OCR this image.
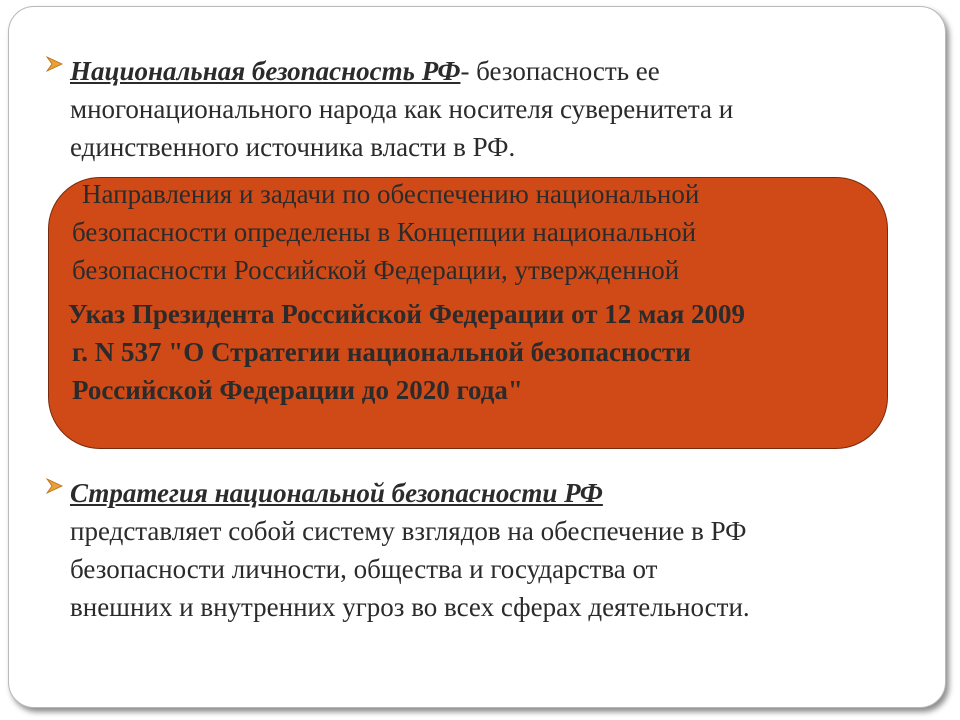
Национальная безопасность РФ- безопасность ее
многонационального народа как носителя суверенитета и
единственного источника власти в РФ.
Направления и задачи по обеспечению национальной
безопасности определены в Концепции национальной
безопасности Российской Федерации, утвержденной
Указ Президента Российской Федерации от 12 мая 2009
г. N 537 "О Стратегии национальной безопасности
Российской Федерации до 2020 года"
Стратегия национальной безопасности РФ
представляет собой систему взглядов на обеспечение в РФ
безопасности личности, общества и государства от
внешних и внутренних угроз во всех сферах деятельности.
